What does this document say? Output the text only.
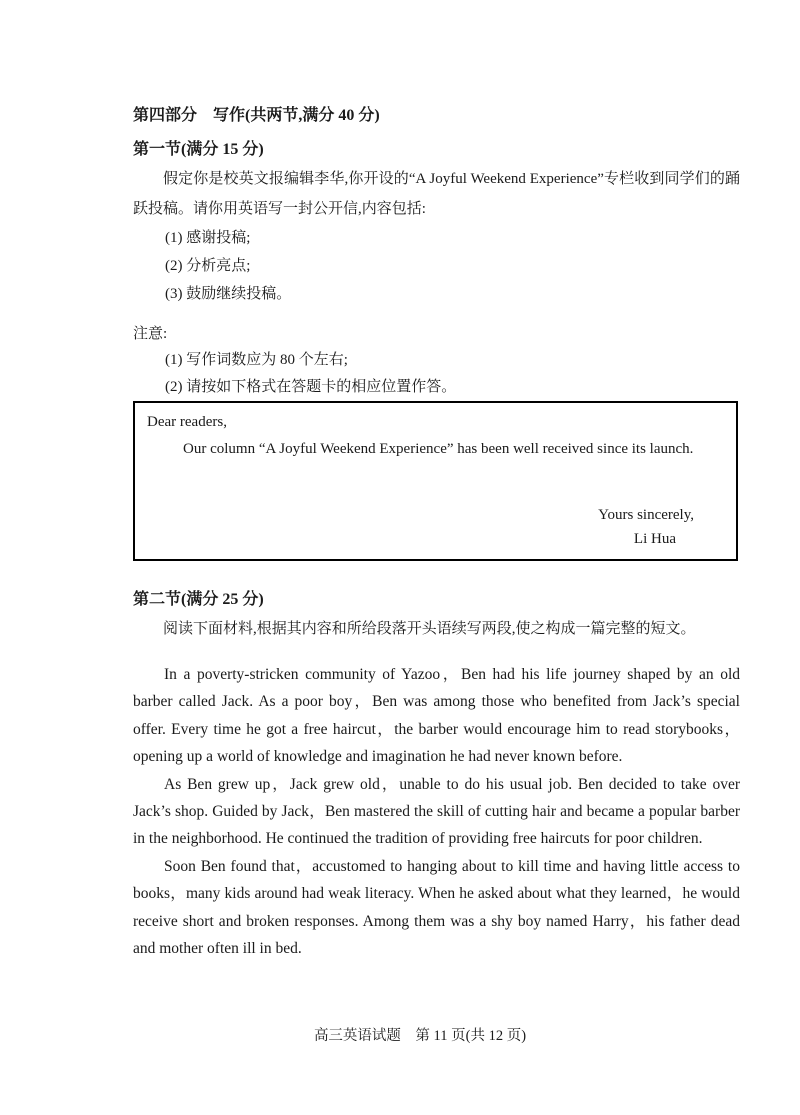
第四部分　写作(共两节,满分 40 分)
第一节(满分 15 分)

假定你是校英文报编辑李华,你开设的“A Joyful Weekend Experience”专栏收到同学们的踊跃投稿。请你用英语写一封公开信,内容包括:

(1) 感谢投稿;
(2) 分析亮点;
(3) 鼓励继续投稿。

注意:

(1) 写作词数应为 80 个左右;
(2) 请按如下格式在答题卡的相应位置作答。
Dear readers,
Our column “A Joyful Weekend Experience” has been well received since its launch.
Yours sincerely,
Li Hua
第二节(满分 25 分)

阅读下面材料,根据其内容和所给段落开头语续写两段,使之构成一篇完整的短文。

In a poverty-stricken community of Yazoo，Ben had his life journey shaped by an old barber called Jack. As a poor boy，Ben was among those who benefited from Jack’s special offer. Every time he got a free haircut，the barber would encourage him to read storybooks，opening up a world of knowledge and imagination he had never known before.

As Ben grew up，Jack grew old，unable to do his usual job. Ben decided to take over Jack’s shop. Guided by Jack，Ben mastered the skill of cutting hair and became a popular barber in the neighborhood. He continued the tradition of providing free haircuts for poor children.

Soon Ben found that，accustomed to hanging about to kill time and having little access to books，many kids around had weak literacy. When he asked about what they learned，he would receive short and broken responses. Among them was a shy boy named Harry，his father dead and mother often ill in bed.

高三英语试题　第 11 页(共 12 页)
